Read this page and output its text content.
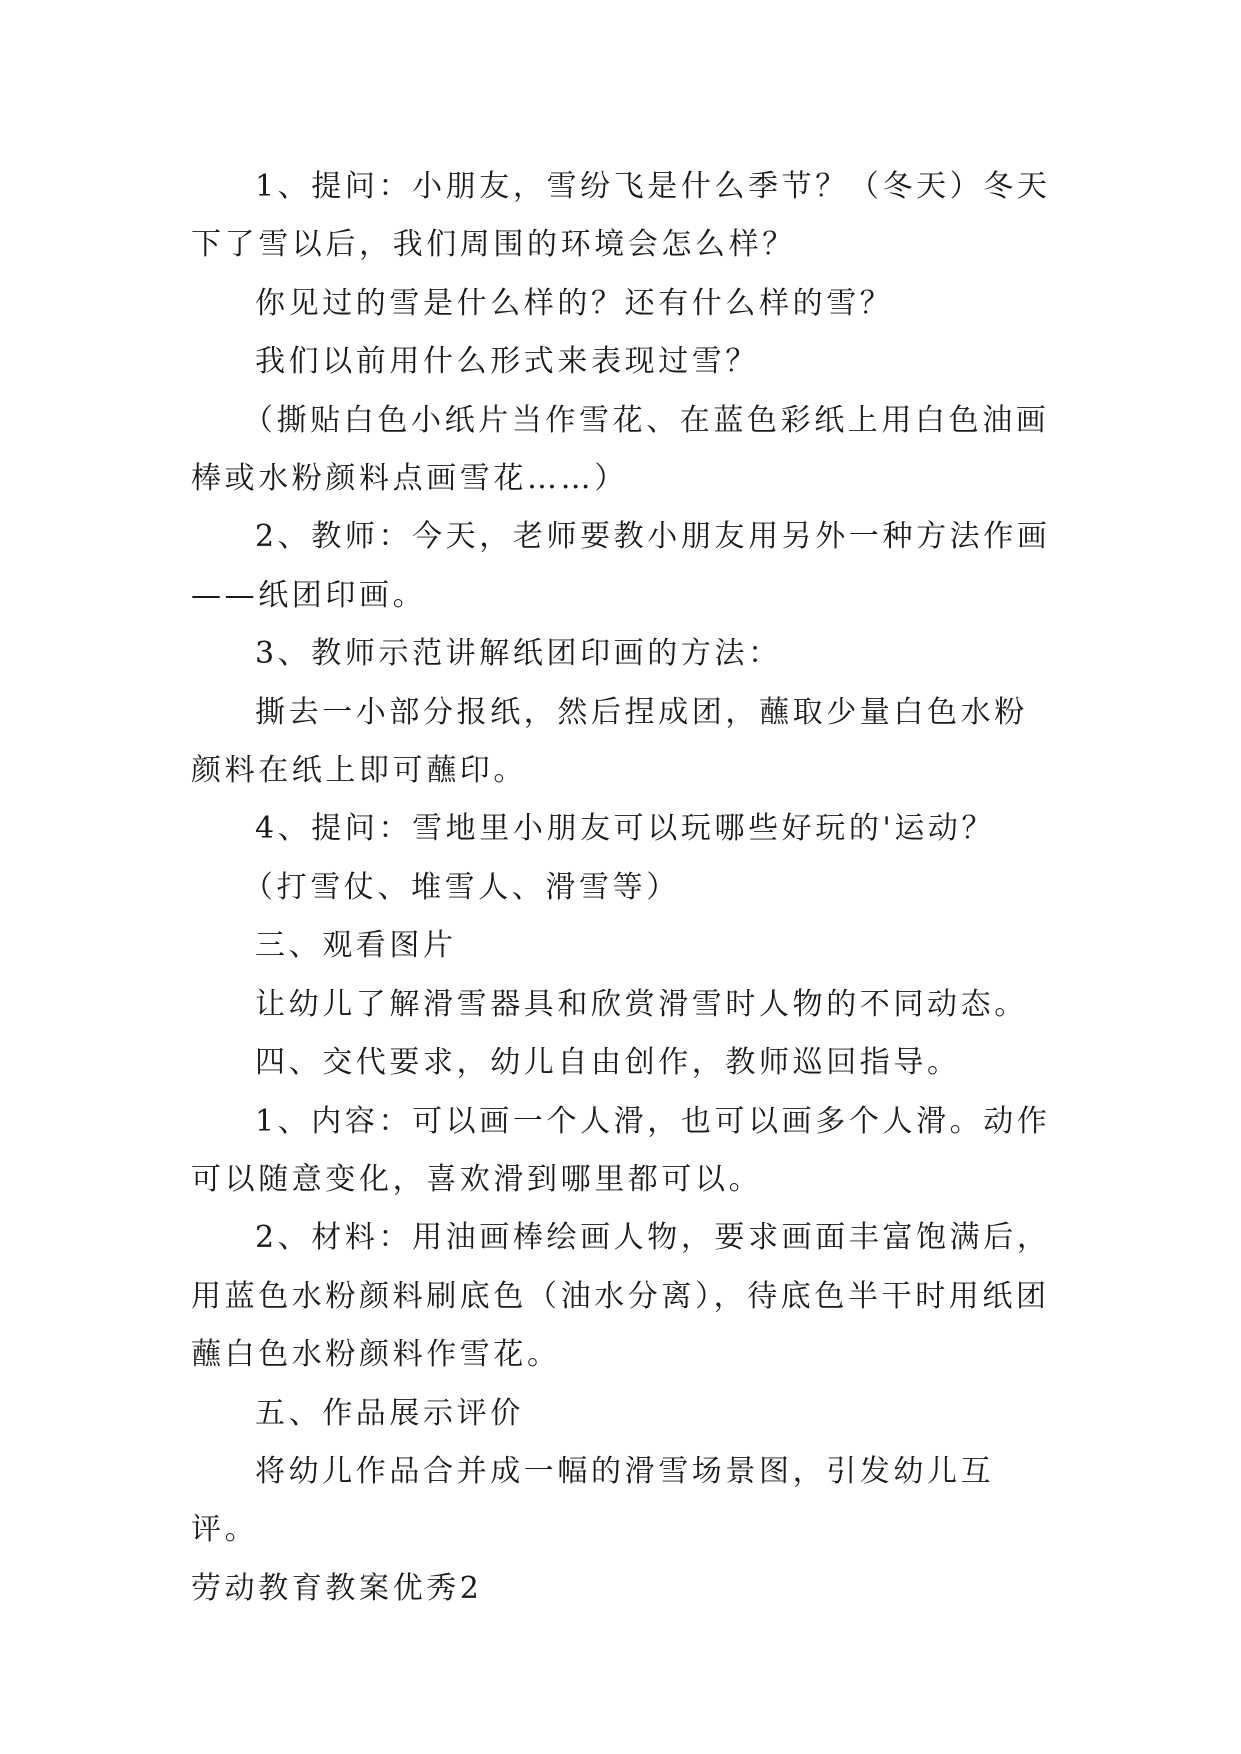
1、提问：小朋友，雪纷飞是什么季节？（冬天）冬天下了雪以后，我们周围的环境会怎么样？

你见过的雪是什么样的？还有什么样的雪？

我们以前用什么形式来表现过雪？

（撕贴白色小纸片当作雪花、在蓝色彩纸上用白色油画棒或水粉颜料点画雪花……）

2、教师：今天，老师要教小朋友用另外一种方法作画——纸团印画。

3、教师示范讲解纸团印画的方法：

撕去一小部分报纸，然后捏成团，蘸取少量白色水粉颜料在纸上即可蘸印。

4、提问：雪地里小朋友可以玩哪些好玩的'运动？

（打雪仗、堆雪人、滑雪等）

三、观看图片

让幼儿了解滑雪器具和欣赏滑雪时人物的不同动态。

四、交代要求，幼儿自由创作，教师巡回指导。

1、内容：可以画一个人滑，也可以画多个人滑。动作可以随意变化，喜欢滑到哪里都可以。

2、材料：用油画棒绘画人物，要求画面丰富饱满后，用蓝色水粉颜料刷底色（油水分离），待底色半干时用纸团蘸白色水粉颜料作雪花。

五、作品展示评价

将幼儿作品合并成一幅的滑雪场景图，引发幼儿互评。

劳动教育教案优秀2
